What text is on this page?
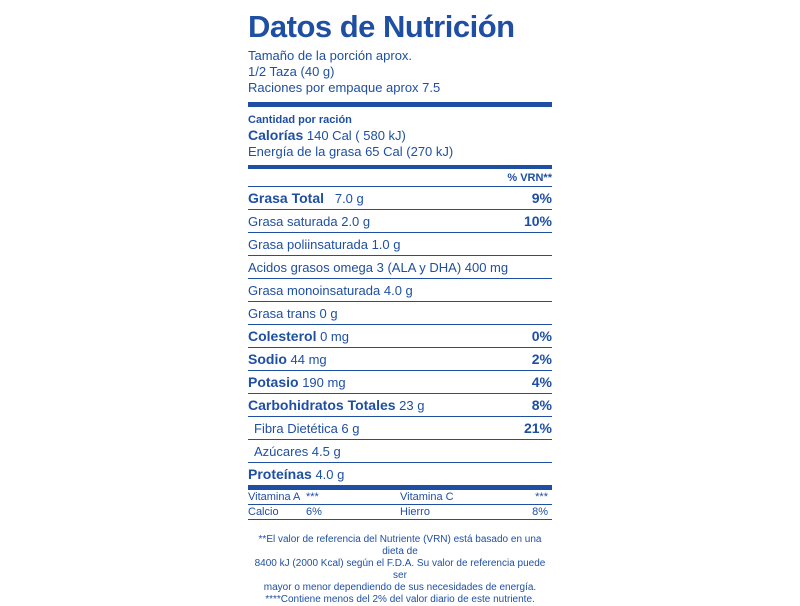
Datos de Nutrición
Tamaño de la porción aprox.
1/2 Taza (40 g)
Raciones por empaque aprox 7.5
Cantidad por ración
Calorías 140 Cal ( 580 kJ)
Energía de la grasa 65 Cal (270 kJ)
% VRN**
Grasa Total 7.0 g	9%
Grasa saturada 2.0 g	10%
Grasa poliinsaturada 1.0 g
Acidos grasos omega 3 (ALA y DHA) 400 mg
Grasa monoinsaturada 4.0 g
Grasa trans 0 g
Colesterol 0 mg	0%
Sodio 44 mg	2%
Potasio 190 mg	4%
Carbohidratos Totales 23 g	8%
Fibra Dietética 6 g	21%
Azúcares 4.5 g
Proteínas 4.0 g
Vitamina A ***	Vitamina C	***
Calcio	6%	Hierro	8%
**El valor de referencia del Nutriente (VRN) está basado en una dieta de
8400 kJ (2000 Kcal) según el F.D.A. Su valor de referencia puede ser
mayor o menor dependiendo de sus necesidades de energía.
****Contiene menos del 2% del valor diario de este nutriente.
